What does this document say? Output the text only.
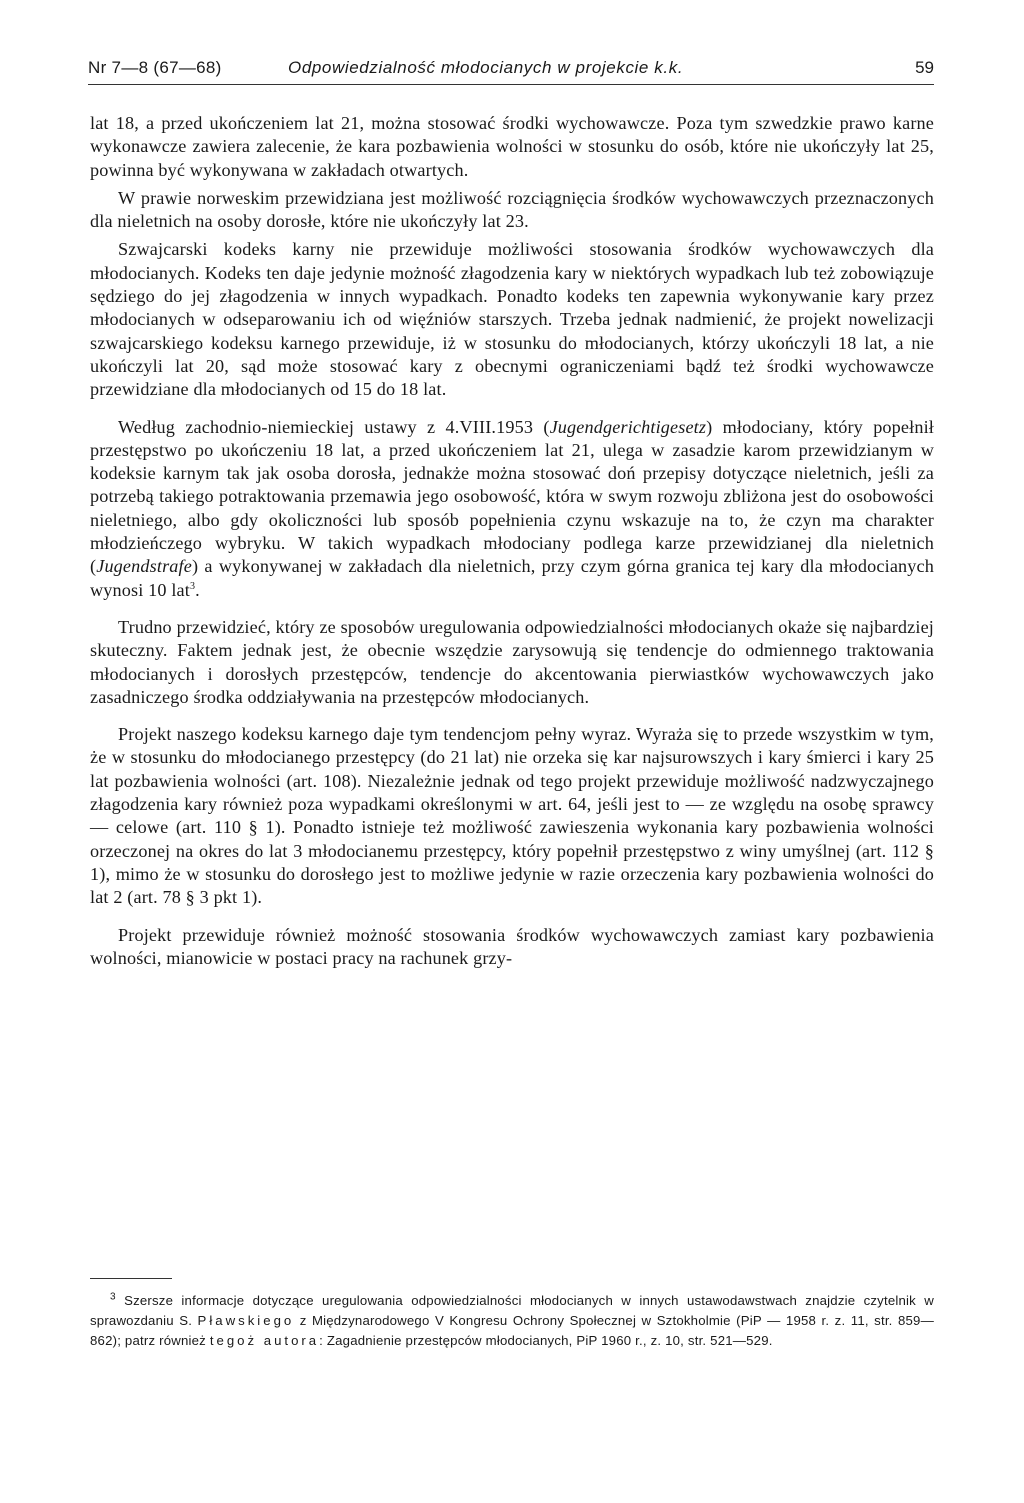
Nr 7—8 (67—68)	Odpowiedzialność młodocianych w projekcie k.k.	59

lat 18, a przed ukończeniem lat 21, można stosować środki wychowawcze. Poza tym szwedzkie prawo karne wykonawcze zawiera zalecenie, że kara pozbawienia wolności w stosunku do osób, które nie ukończyły lat 25, powinna być wykonywana w zakładach otwartych.

W prawie norweskim przewidziana jest możliwość rozciągnięcia środków wychowawczych przeznaczonych dla nieletnich na osoby dorosłe, które nie ukończyły lat 23.

Szwajcarski kodeks karny nie przewiduje możliwości stosowania środków wychowawczych dla młodocianych. Kodeks ten daje jedynie możność złagodzenia kary w niektórych wypadkach lub też zobowiązuje sędziego do jej złagodzenia w innych wypadkach. Ponadto kodeks ten zapewnia wykonywanie kary przez młodocianych w odseparowaniu ich od więźniów starszych. Trzeba jednak nadmienić, że projekt nowelizacji szwajcarskiego kodeksu karnego przewiduje, iż w stosunku do młodocianych, którzy ukończyli 18 lat, a nie ukończyli lat 20, sąd może stosować kary z obecnymi ograniczeniami bądź też środki wychowawcze przewidziane dla młodocianych od 15 do 18 lat.

Według zachodnio-niemieckiej ustawy z 4.VIII.1953 (Jugendgerichtigesetz) młodociany, który popełnił przestępstwo po ukończeniu 18 lat, a przed ukończeniem lat 21, ulega w zasadzie karom przewidzianym w kodeksie karnym tak jak osoba dorosła, jednakże można stosować doń przepisy dotyczące nieletnich, jeśli za potrzebą takiego potraktowania przemawia jego osobowość, która w swym rozwoju zbliżona jest do osobowości nieletniego, albo gdy okoliczności lub sposób popełnienia czynu wskazuje na to, że czyn ma charakter młodzieńczego wybryku. W takich wypadkach młodociany podlega karze przewidzianej dla nieletnich (Jugendstrafe) a wykonywanej w zakładach dla nieletnich, przy czym górna granica tej kary dla młodocianych wynosi 10 lat$^3$.

Trudno przewidzieć, który ze sposobów uregulowania odpowiedzialności młodocianych okaże się najbardziej skuteczny. Faktem jednak jest, że obecnie wszędzie zarysowują się tendencje do odmiennego traktowania młodocianych i dorosłych przestępców, tendencje do akcentowania pierwiastków wychowawczych jako zasadniczego środka oddziaływania na przestępców młodocianych.

Projekt naszego kodeksu karnego daje tym tendencjom pełny wyraz. Wyraża się to przede wszystkim w tym, że w stosunku do młodocianego przestępcy (do 21 lat) nie orzeka się kar najsurowszych i kary śmierci i kary 25 lat pozbawienia wolności (art. 108). Niezależnie jednak od tego projekt przewiduje możliwość nadzwyczajnego złagodzenia kary również poza wypadkami określonymi w art. 64, jeśli jest to — ze względu na osobę sprawcy — celowe (art. 110 § 1). Ponadto istnieje też możliwość zawieszenia wykonania kary pozbawienia wolności orzeczonej na okres do lat 3 młodocianemu przestępcy, który popełnił przestępstwo z winy umyślnej (art. 112 § 1), mimo że w stosunku do dorosłego jest to możliwe jedynie w razie orzeczenia kary pozbawienia wolności do lat 2 (art. 78 § 3 pkt 1).

Projekt przewiduje również możność stosowania środków wychowawczych zamiast kary pozbawienia wolności, mianowicie w postaci pracy na rachunek grzy-

$^3$ Szersze informacje dotyczące uregulowania odpowiedzialności młodocianych w innych ustawodawstwach znajdzie czytelnik w sprawozdaniu S. Pławskiego z Międzynarodowego V Kongresu Ochrony Społecznej w Sztokholmie (PiP — 1958 r. z. 11, str. 859—862); patrz również tegoż autora: Zagadnienie przestępców młodocianych, PiP 1960 r., z. 10, str. 521—529.
